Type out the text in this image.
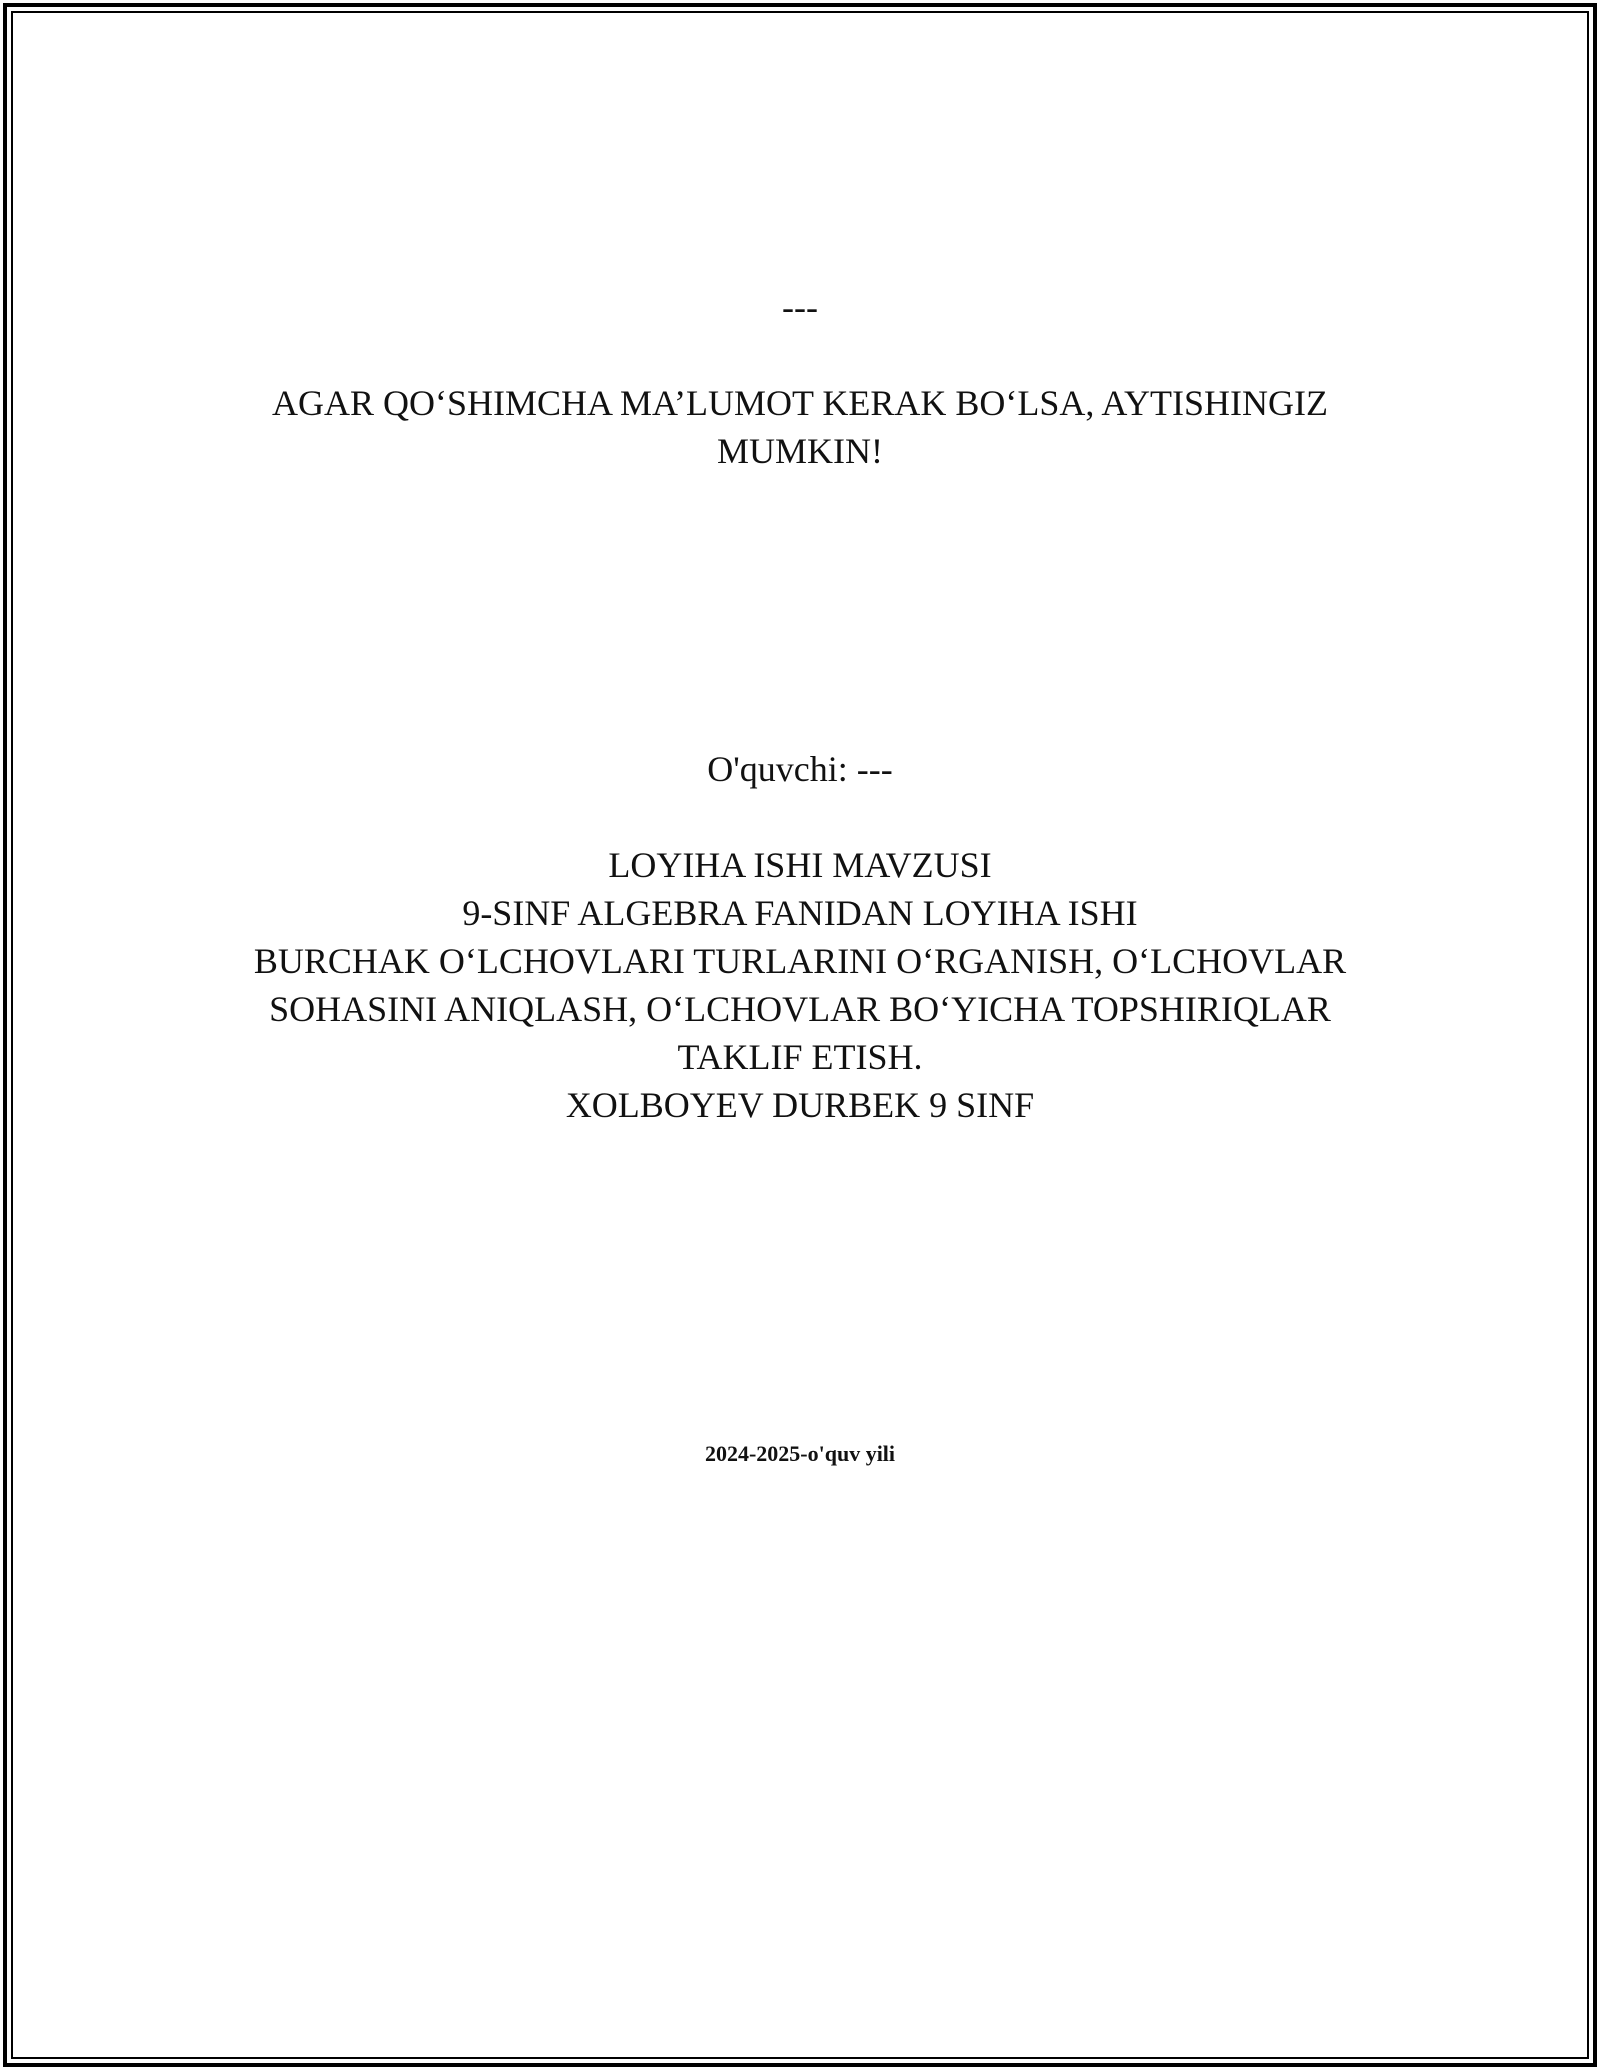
---
AGAR QO‘SHIMCHA MA’LUMOT KERAK BO‘LSA, AYTISHINGIZ
MUMKIN!
O'quvchi: ---
LOYIHA ISHI MAVZUSI
9-SINF ALGEBRA FANIDAN LOYIHA ISHI
BURCHAK O‘LCHOVLARI TURLARINI O‘RGANISH, O‘LCHOVLAR
SOHASINI ANIQLASH, O‘LCHOVLAR BO‘YICHA TOPSHIRIQLAR
TAKLIF ETISH.
XOLBOYEV DURBEK 9 SINF
2024-2025-o'quv yili
